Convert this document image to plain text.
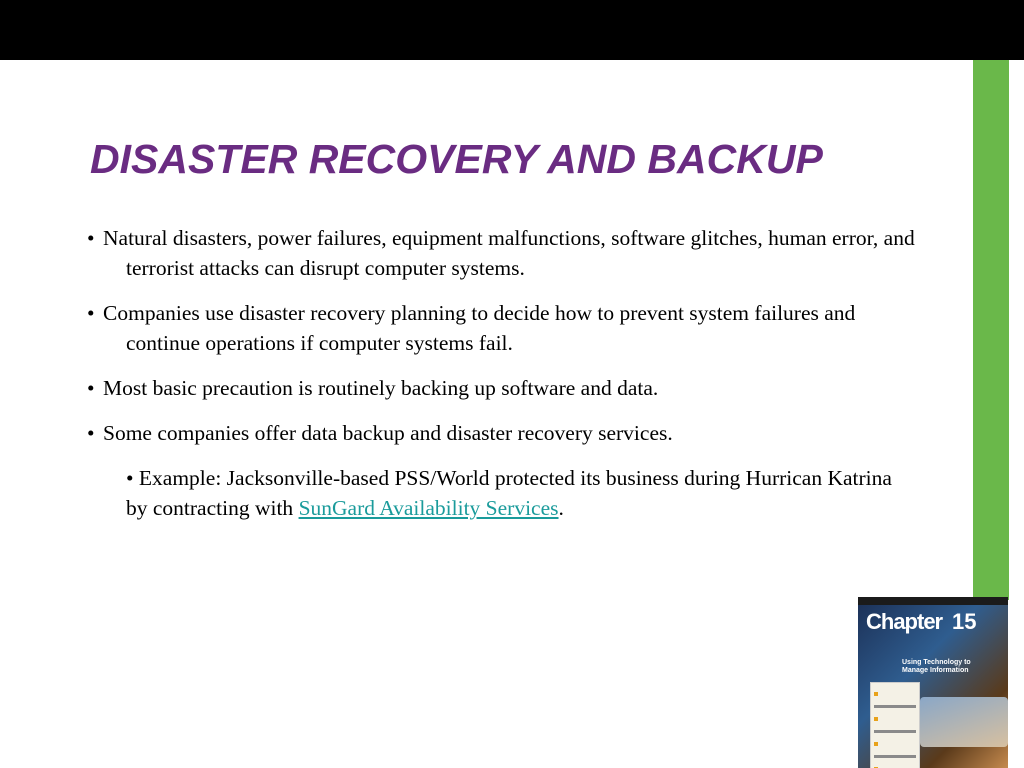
DISASTER RECOVERY AND BACKUP

• Natural disasters, power failures, equipment malfunctions, software glitches, human error, and terrorist attacks can disrupt computer systems.

• Companies use disaster recovery planning to decide how to prevent system failures and continue operations if computer systems fail.

• Most basic precaution is routinely backing up software and data.

• Some companies offer data backup and disaster recovery services.

• Example: Jacksonville-based PSS/World protected its business during Hurrican Katrina by contracting with SunGard Availability Services.

Chapter 15
Using Technology to Manage Information
